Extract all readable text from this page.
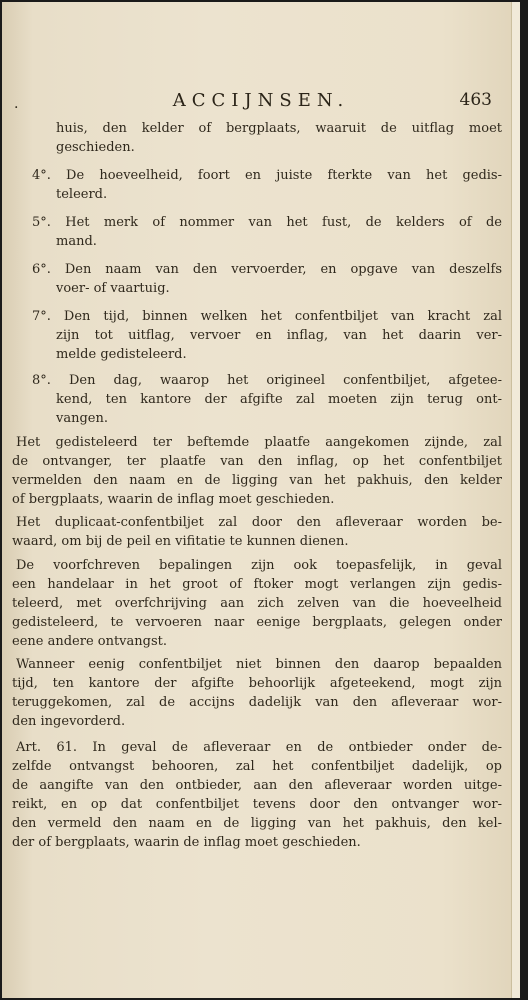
.	ACCIJNSEN.	463
huis, den kelder of bergplaats, waaruit de uitflag moet
geschieden.
4°. De hoeveelheid, foort en juiste fterkte van het gedis-
teleerd.
5°. Het merk of nommer van het fust, de kelders of de
mand.
6°. Den naam van den vervoerder, en opgave van deszelfs
voer- of vaartuig.
7°. Den tijd, binnen welken het confentbiljet van kracht zal
zijn tot uitflag, vervoer en inflag, van het daarin ver-
melde gedisteleerd.
8°. Den dag, waarop het origineel confentbiljet, afgetee-
kend, ten kantore der afgifte zal moeten zijn terug ont-
vangen.
Het gedisteleerd ter beftemde plaatfe aangekomen zijnde, zal
de ontvanger, ter plaatfe van den inflag, op het confentbiljet
vermelden den naam en de ligging van het pakhuis, den kelder
of bergplaats, waarin de inflag moet geschieden.
Het duplicaat-confentbiljet zal door den afleveraar worden be-
waard, om bij de peil en vifitatie te kunnen dienen.
De voorfchreven bepalingen zijn ook toepasfelijk, in geval
een handelaar in het groot of ftoker mogt verlangen zijn gedis-
teleerd, met overfchrijving aan zich zelven van die hoeveelheid
gedisteleerd, te vervoeren naar eenige bergplaats, gelegen onder
eene andere ontvangst.
Wanneer eenig confentbiljet niet binnen den daarop bepaalden
tijd, ten kantore der afgifte behoorlijk afgeteekend, mogt zijn
teruggekomen, zal de accijns dadelijk van den afleveraar wor-
den ingevorderd.
Art. 61. In geval de afleveraar en de ontbieder onder de-
zelfde ontvangst behooren, zal het confentbiljet dadelijk, op
de aangifte van den ontbieder, aan den afleveraar worden uitge-
reikt, en op dat confentbiljet tevens door den ontvanger wor-
den vermeld den naam en de ligging van het pakhuis, den kel-
der of bergplaats, waarin de inflag moet geschieden.
